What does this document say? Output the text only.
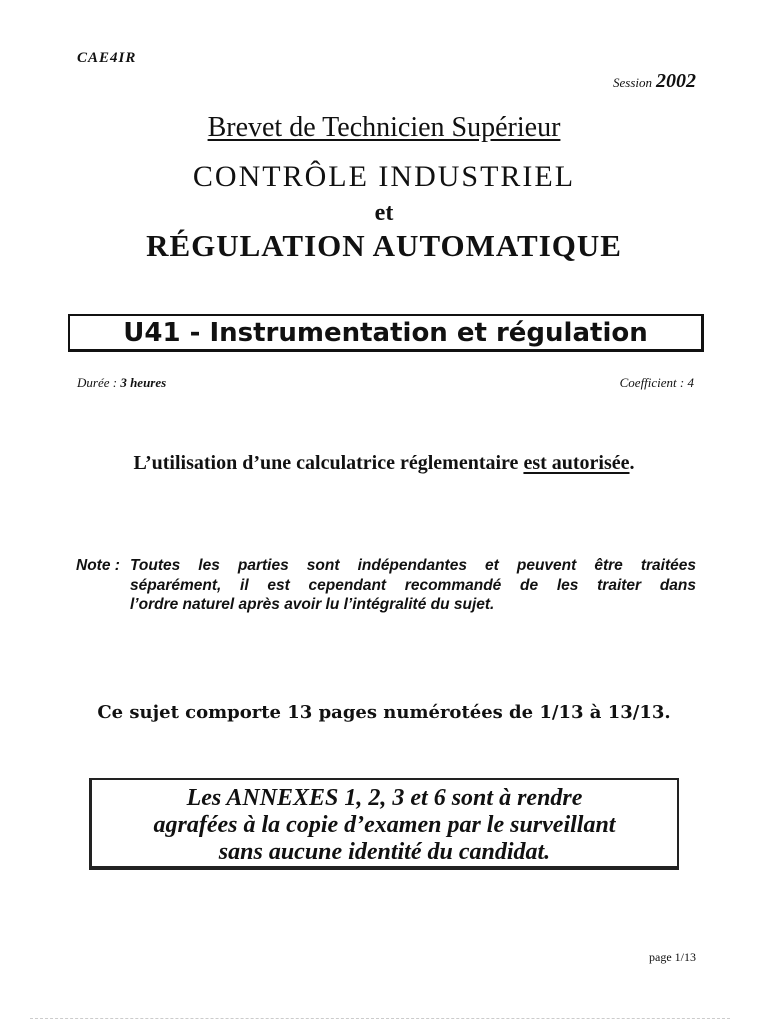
CAE4IR
Session 2002
Brevet de Technicien Supérieur
CONTRÔLE INDUSTRIEL
et
RÉGULATION AUTOMATIQUE
U41 - Instrumentation et régulation
Durée : 3 heures	Coefficient : 4
L’utilisation d’une calculatrice réglementaire est autorisée.
Note : Toutes les parties sont indépendantes et peuvent être traitées
séparément, il est cependant recommandé de les traiter dans
l’ordre naturel après avoir lu l’intégralité du sujet.
Ce sujet comporte 13 pages numérotées de 1/13 à 13/13.
Les ANNEXES 1, 2, 3 et 6 sont à rendre
agrafées à la copie d’examen par le surveillant
sans aucune identité du candidat.
page 1/13
